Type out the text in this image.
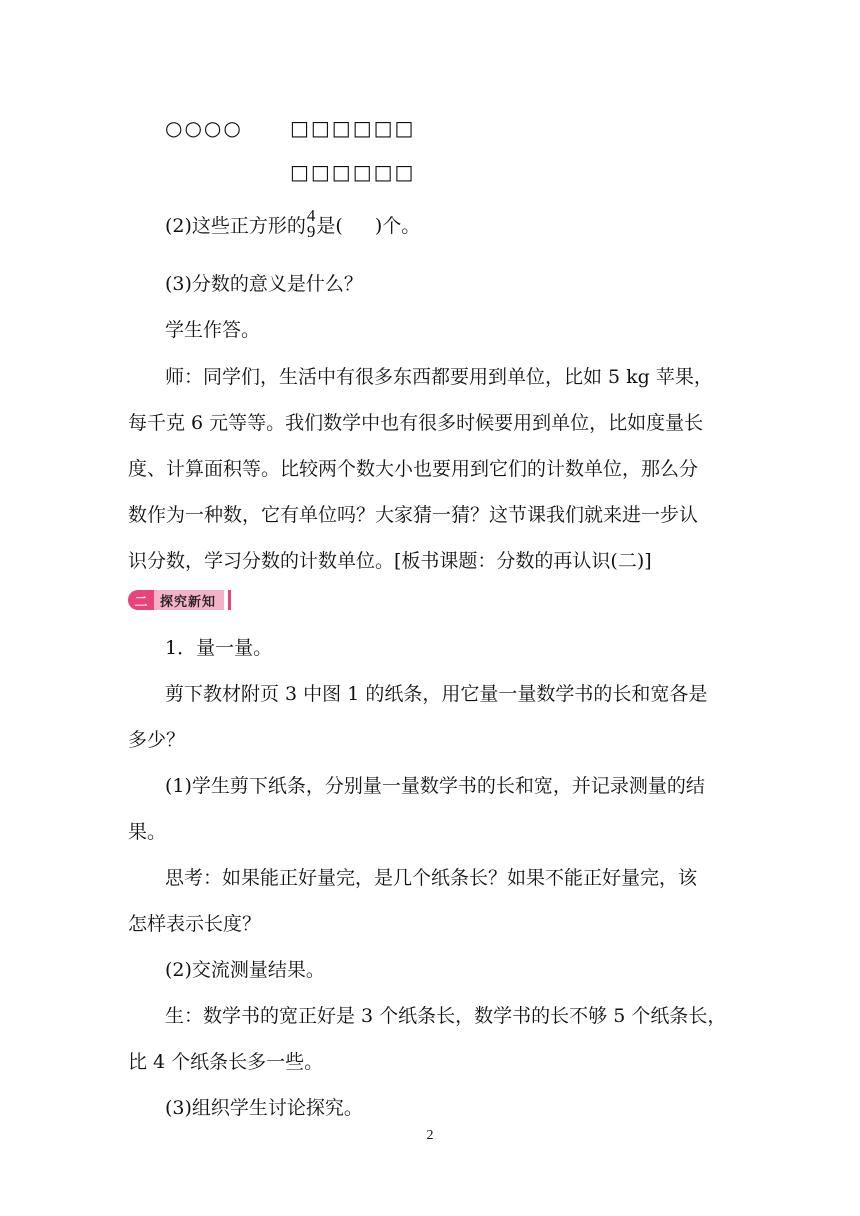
○○○○	□□□□□□
□□□□□□
(2)这些正方形的 4
9 是( )个。
(3)分数的意义是什么？
学生作答。
师：同学们，生活中有很多东西都要用到单位，比如 5 kg 苹果，
每千克 6 元等等。我们数学中也有很多时候要用到单位，比如度量长
度、计算面积等。比较两个数大小也要用到它们的计数单位，那么分
数作为一种数，它有单位吗？大家猜一猜？这节课我们就来进一步认
识分数，学习分数的计数单位。[板书课题：分数的再认识(二)]
二 探究新知
1．量一量。
剪下教材附页 3 中图 1 的纸条，用它量一量数学书的长和宽各是
多少？
(1)学生剪下纸条，分别量一量数学书的长和宽，并记录测量的结
果。
思考：如果能正好量完，是几个纸条长？如果不能正好量完，该
怎样表示长度？
(2)交流测量结果。
生：数学书的宽正好是 3 个纸条长，数学书的长不够 5 个纸条长，
比 4 个纸条长多一些。
(3)组织学生讨论探究。
2
